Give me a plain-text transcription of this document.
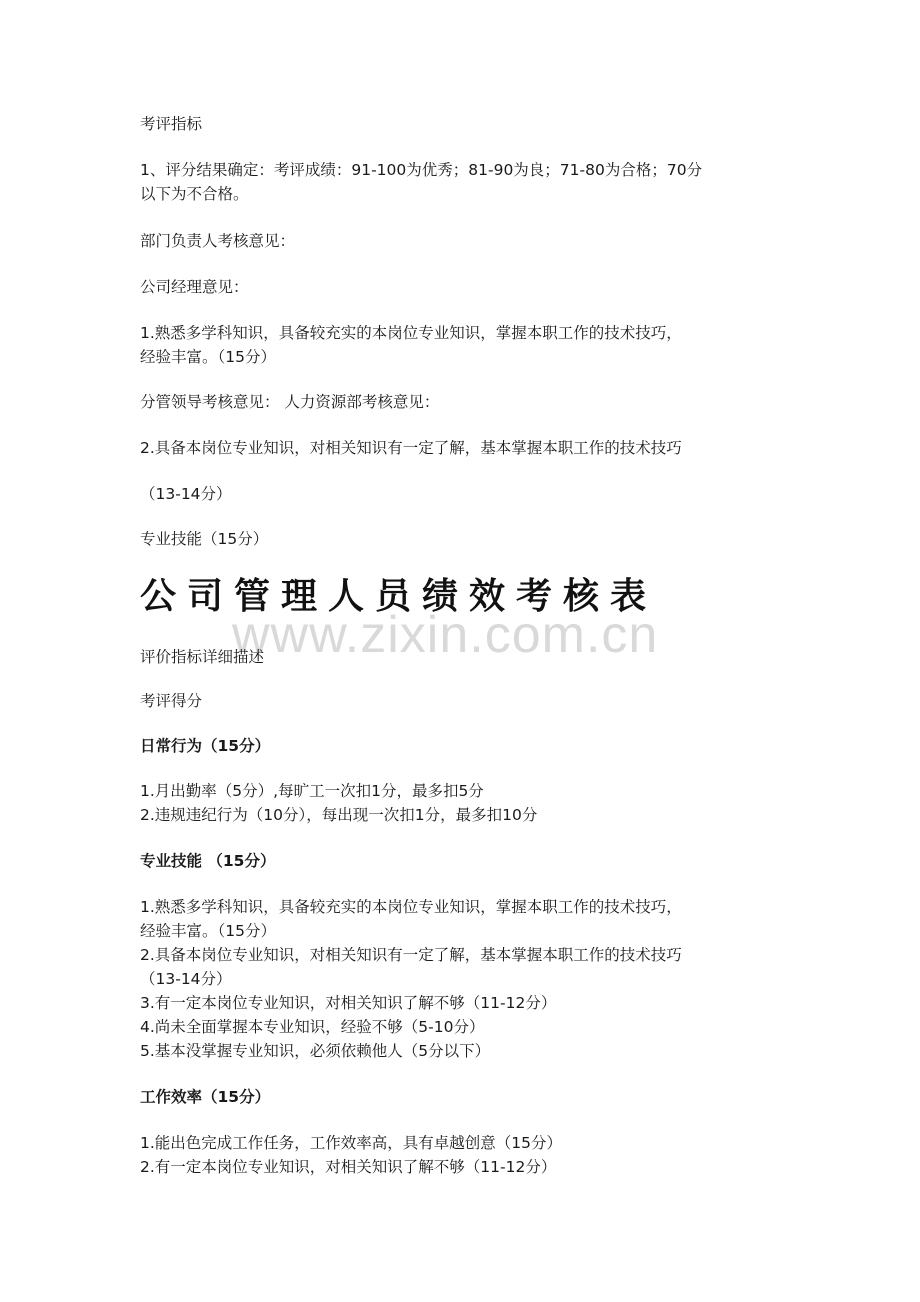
考评指标

1、评分结果确定：考评成绩：91-100为优秀；81-90为良；71-80为合格；70分
以下为不合格。

部门负责人考核意见：

公司经理意见：

1.熟悉多学科知识，具备较充实的本岗位专业知识，掌握本职工作的技术技巧，
经验丰富。（15分）

分管领导考核意见： 人力资源部考核意见：

2.具备本岗位专业知识，对相关知识有一定了解，基本掌握本职工作的技术技巧

（13-14分）

专业技能（15分）

公司管理人员绩效考核表
www.zixin.com.cn

评价指标详细描述

考评得分

日常行为（15分）

1.月出勤率（5分）,每旷工一次扣1分，最多扣5分
2.违规违纪行为（10分），每出现一次扣1分，最多扣10分

专业技能 （15分）

1.熟悉多学科知识，具备较充实的本岗位专业知识，掌握本职工作的技术技巧，
经验丰富。（15分）
2.具备本岗位专业知识，对相关知识有一定了解，基本掌握本职工作的技术技巧
（13-14分）
3.有一定本岗位专业知识，对相关知识了解不够（11-12分）
4.尚未全面掌握本专业知识，经验不够（5-10分）
5.基本没掌握专业知识，必须依赖他人（5分以下）

工作效率（15分）

1.能出色完成工作任务，工作效率高，具有卓越创意（15分）
2.有一定本岗位专业知识，对相关知识了解不够（11-12分）
